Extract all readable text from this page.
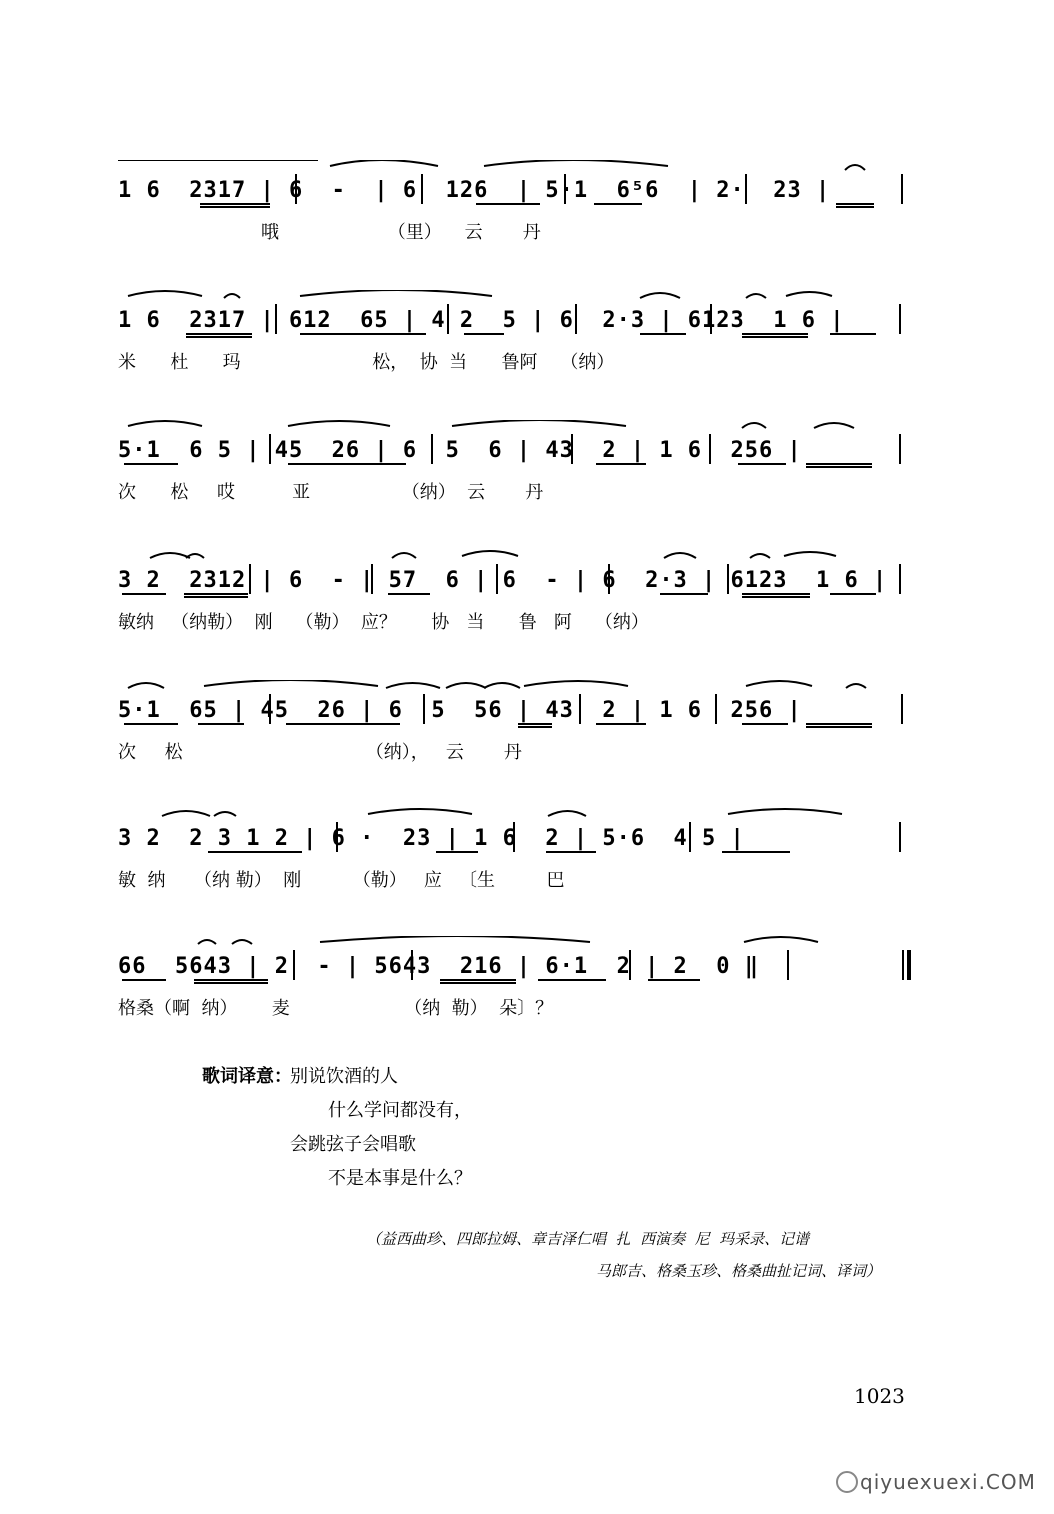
1 6  2317 | 6  -  | 6  126  | 5·1  6⁵6  | 2·  23 |
哦                   （里）    云       丹
1 6  2317 | 612  65 | 4 2  5 | 6  2·3 | 6123  1 6 |
米      杜      玛                       松，  协  当      鲁阿    （纳）
5·1  6 5 | 45  26 | 6  5  6 | 43  2 | 1 6  256 |
次      松     哎          亚                （纳）  云       丹
3 2  2312 | 6  - | 57  6 | 6  - | 6  2·3 | 6123  1 6 |
敏纳   （纳勒）  刚    （勒）  应？      协   当      鲁   阿    （纳）
5·1  65 | 45  26 | 6  5  56 | 43  2 | 1 6  256 |
次     松                                （纳），   云       丹
3 2  2 3 1 2 | 6 ·  23 | 1 6  2 | 5·6  4 5 |
敏  纳     （纳 勒）  刚         （勒）   应   〔生         巴
66  5643 | 2  - | 5643  216 | 6·1  2 | 2  0 ‖
格桑（啊  纳）      麦                    （纳  勒）  朵〕？
歌词译意：
别说饮酒的人
什么学问都没有，
会跳弦子会唱歌
不是本事是什么？
（益西曲珍、四郎拉姆、章吉泽仁唱  扎  西演奏  尼  玛采录、记谱
马郎吉、格桑玉珍、格桑曲扯记词、译词）
1023
qiyuexuexi.COM
